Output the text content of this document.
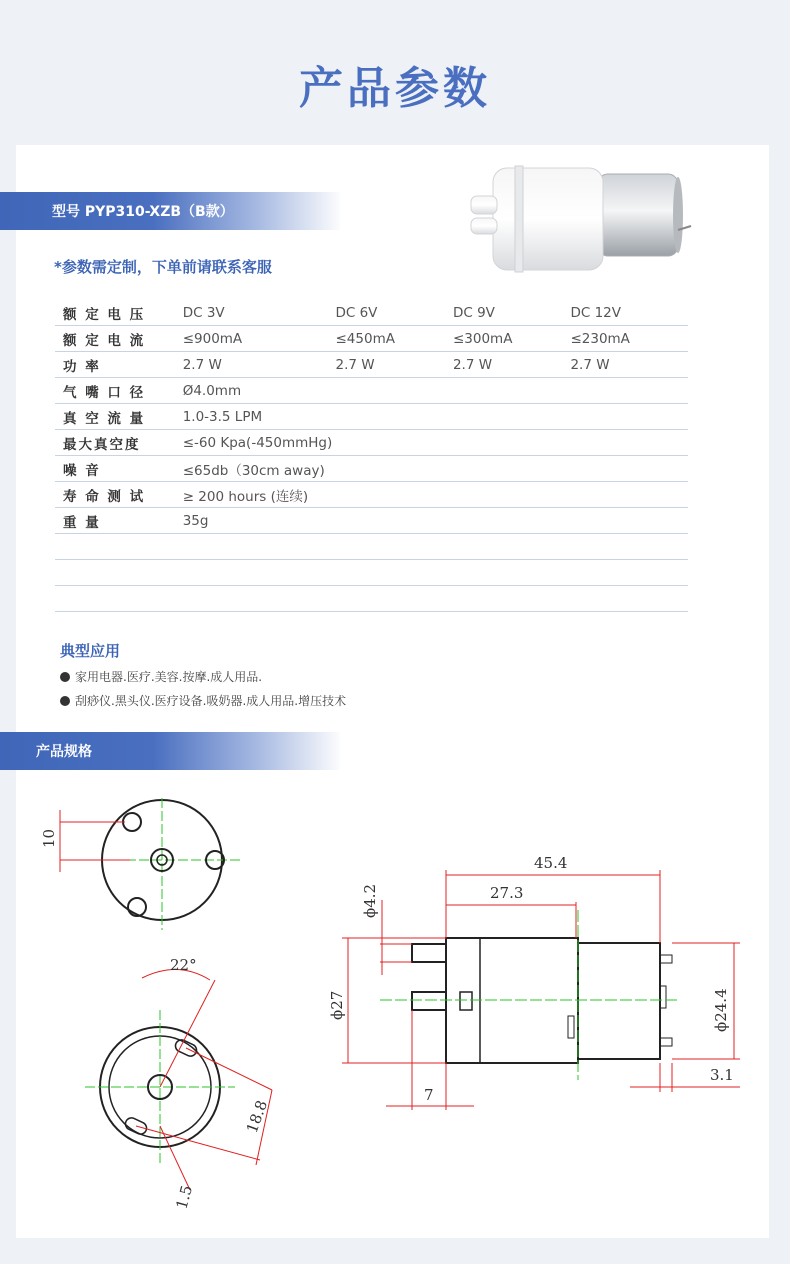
产品参数
型号 PYP310-XZB（B款）
*参数需定制，下单前请联系客服
额 定 电 压	DC 3V	DC 6V	DC 9V	DC 12V
额 定 电 流	≤900mA	≤450mA	≤300mA	≤230mA
功 率	2.7 W	2.7 W	2.7 W	2.7 W
气 嘴 口 径	Ø4.0mm			
真 空 流 量	1.0-3.5 LPM			
最大真空度	≤-60 Kpa(-450mmHg)			
噪 音	≤65db（30cm away)			
寿 命 测 试	≥ 200 hours (连续)			
重 量	35g			

典型应用
家用电器.医疗.美容.按摩.成人用品.
刮痧仪.黑头仪.医疗设备.吸奶器.成人用品.增压技术
产品规格
10
22°
18.8
1.5
45.4
27.3
ϕ4.2
ϕ27
7
ϕ24.4
3.1
